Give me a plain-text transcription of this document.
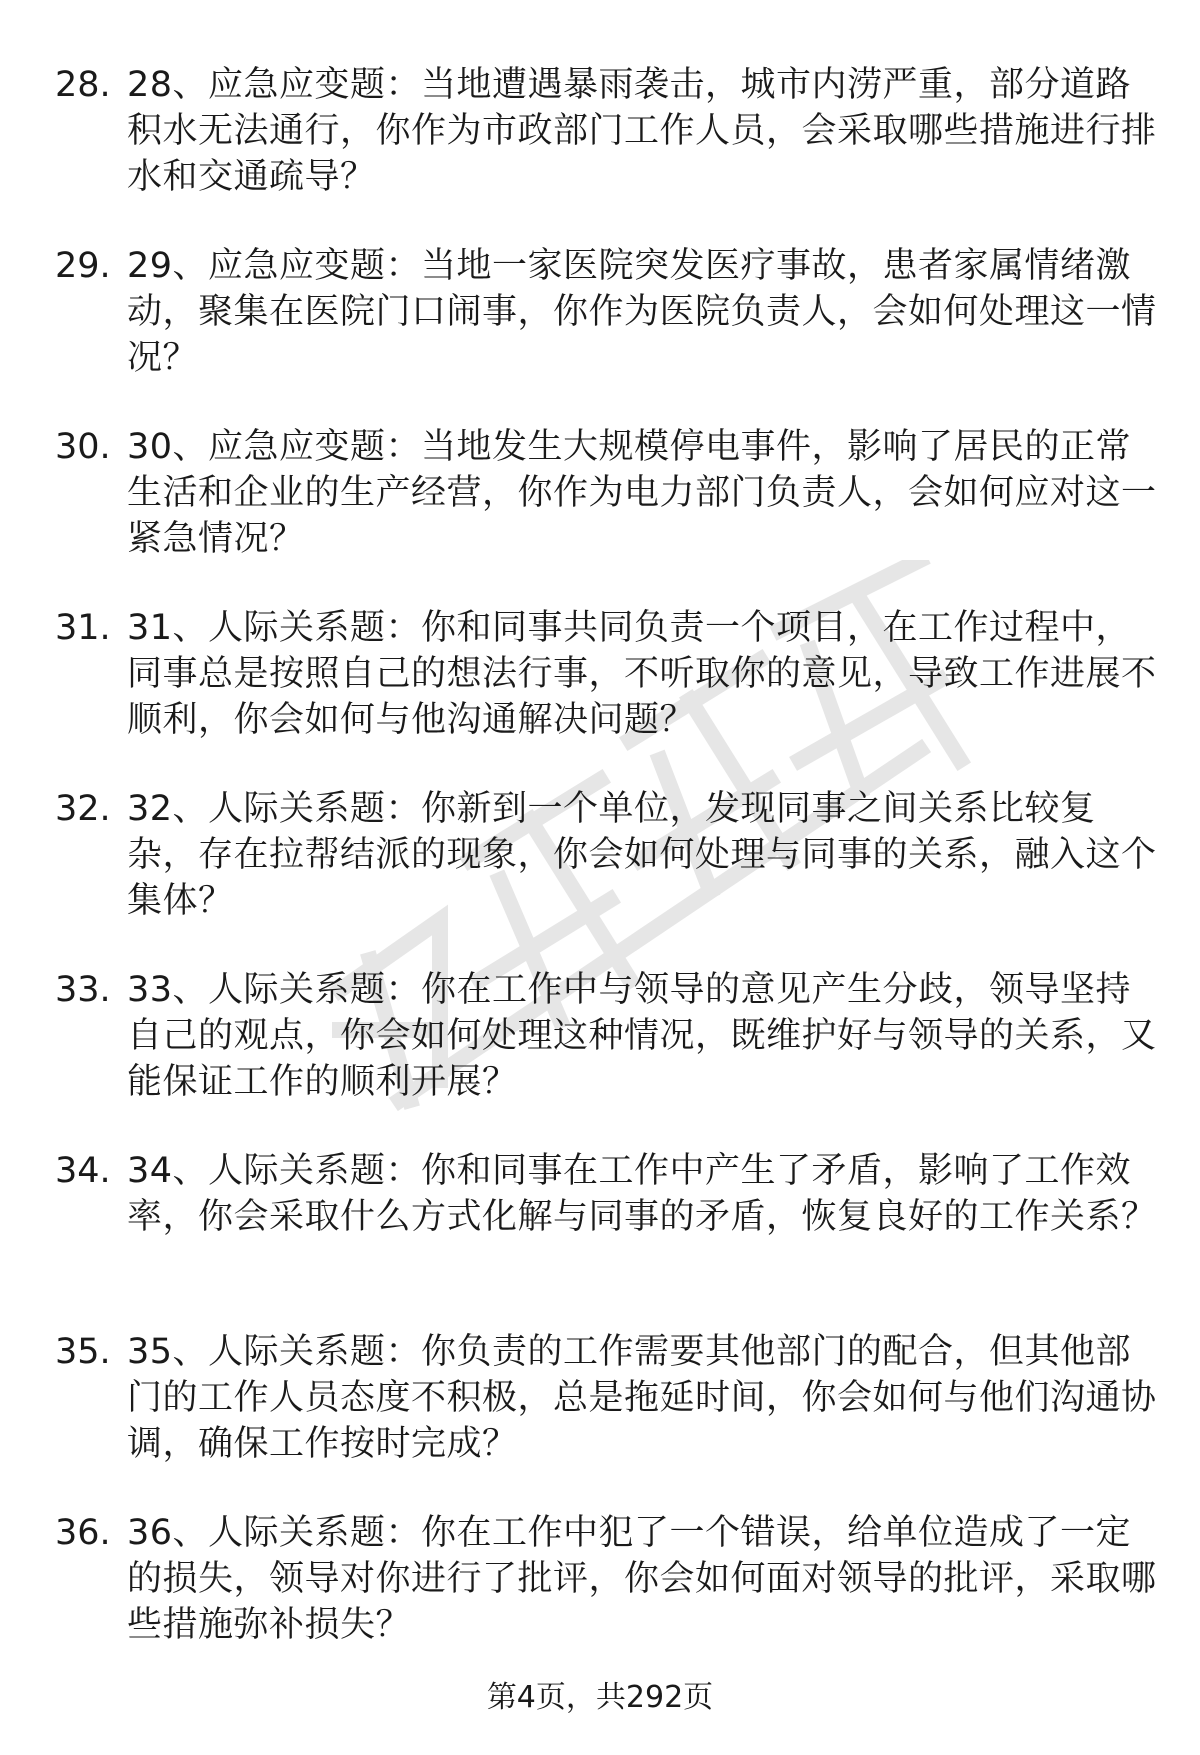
28. 28、应急应变题：当地遭遇暴雨袭击，城市内涝严重，部分道路积水无法通行，你作为市政部门工作人员，会采取哪些措施进行排水和交通疏导？
29. 29、应急应变题：当地一家医院突发医疗事故，患者家属情绪激动，聚集在医院门口闹事，你作为医院负责人，会如何处理这一情况？
30. 30、应急应变题：当地发生大规模停电事件，影响了居民的正常生活和企业的生产经营，你作为电力部门负责人，会如何应对这一紧急情况？
31. 31、人际关系题：你和同事共同负责一个项目，在工作过程中，同事总是按照自己的想法行事，不听取你的意见，导致工作进展不顺利，你会如何与他沟通解决问题？
32. 32、人际关系题：你新到一个单位，发现同事之间关系比较复杂，存在拉帮结派的现象，你会如何处理与同事的关系，融入这个集体？
33. 33、人际关系题：你在工作中与领导的意见产生分歧，领导坚持自己的观点，你会如何处理这种情况，既维护好与领导的关系，又能保证工作的顺利开展？
34. 34、人际关系题：你和同事在工作中产生了矛盾，影响了工作效率，你会采取什么方式化解与同事的矛盾，恢复良好的工作关系？
35. 35、人际关系题：你负责的工作需要其他部门的配合，但其他部门的工作人员态度不积极，总是拖延时间，你会如何与他们沟通协调，确保工作按时完成？
36. 36、人际关系题：你在工作中犯了一个错误，给单位造成了一定的损失，领导对你进行了批评，你会如何面对领导的批评，采取哪些措施弥补损失？
第4页，共292页
